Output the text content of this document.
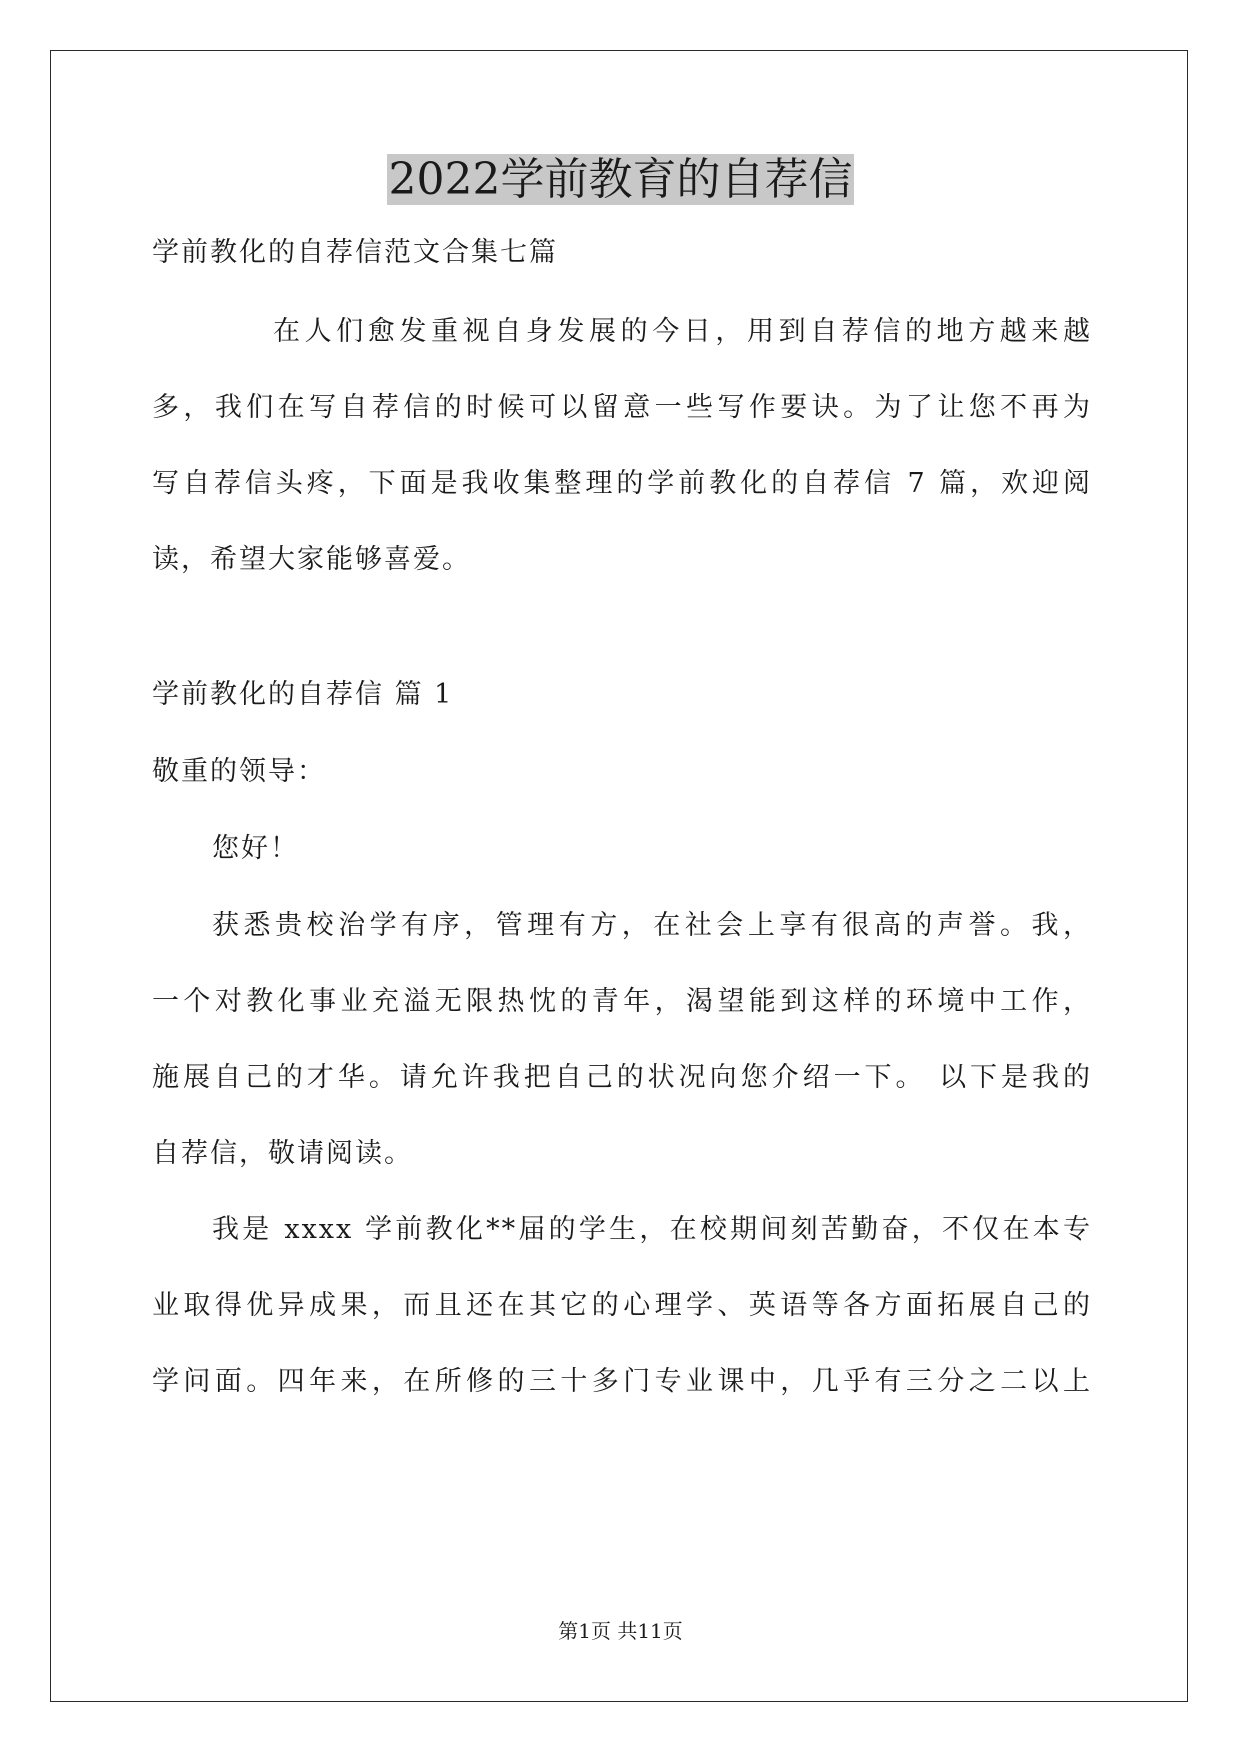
2022学前教育的自荐信
学前教化的自荐信范文合集七篇
在人们愈发重视自身发展的今日，用到自荐信的地方越来越
多，我们在写自荐信的时候可以留意一些写作要诀。为了让您不再为
写自荐信头疼，下面是我收集整理的学前教化的自荐信 7 篇，欢迎阅
读，希望大家能够喜爱。
学前教化的自荐信 篇 1
敬重的领导：
您好！
获悉贵校治学有序，管理有方，在社会上享有很高的声誉。我，
一个对教化事业充溢无限热忱的青年，渴望能到这样的环境中工作，
施展自己的才华。请允许我把自己的状况向您介绍一下。 以下是我的
自荐信，敬请阅读。
我是 xxxx 学前教化**届的学生，在校期间刻苦勤奋，不仅在本专
业取得优异成果，而且还在其它的心理学、英语等各方面拓展自己的
学问面。四年来，在所修的三十多门专业课中，几乎有三分之二以上
第1页 共11页
